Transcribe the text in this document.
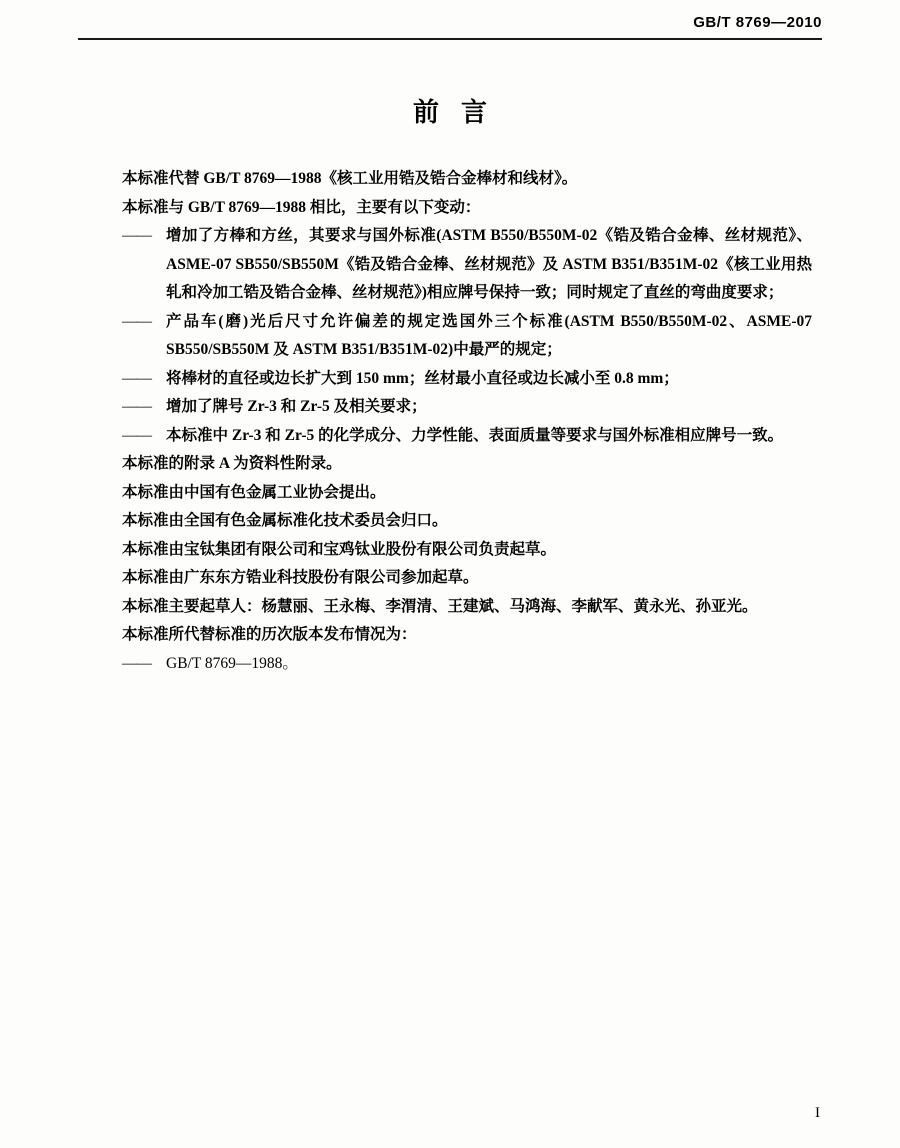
GB/T 8769—2010
前言

本标准代替 GB/T 8769—1988《核工业用锆及锆合金棒材和线材》。

本标准与 GB/T 8769—1988 相比，主要有以下变动：

—— 增加了方棒和方丝，其要求与国外标准(ASTM B550/B550M-02《锆及锆合金棒、丝材规范》、ASME-07 SB550/SB550M《锆及锆合金棒、丝材规范》及 ASTM B351/B351M-02《核工业用热轧和冷加工锆及锆合金棒、丝材规范》)相应牌号保持一致；同时规定了直丝的弯曲度要求；

—— 产品车(磨)光后尺寸允许偏差的规定选国外三个标准(ASTM B550/B550M-02、ASME-07 SB550/SB550M 及 ASTM B351/B351M-02)中最严的规定；

—— 将棒材的直径或边长扩大到 150 mm；丝材最小直径或边长减小至 0.8 mm；

—— 增加了牌号 Zr-3 和 Zr-5 及相关要求；

—— 本标准中 Zr-3 和 Zr-5 的化学成分、力学性能、表面质量等要求与国外标准相应牌号一致。

本标准的附录 A 为资料性附录。

本标准由中国有色金属工业协会提出。

本标准由全国有色金属标准化技术委员会归口。

本标准由宝钛集团有限公司和宝鸡钛业股份有限公司负责起草。

本标准由广东东方锆业科技股份有限公司参加起草。

本标准主要起草人：杨慧丽、王永梅、李渭清、王建斌、马鸿海、李献军、黄永光、孙亚光。

本标准所代替标准的历次版本发布情况为：

—— GB/T 8769—1988。

I
